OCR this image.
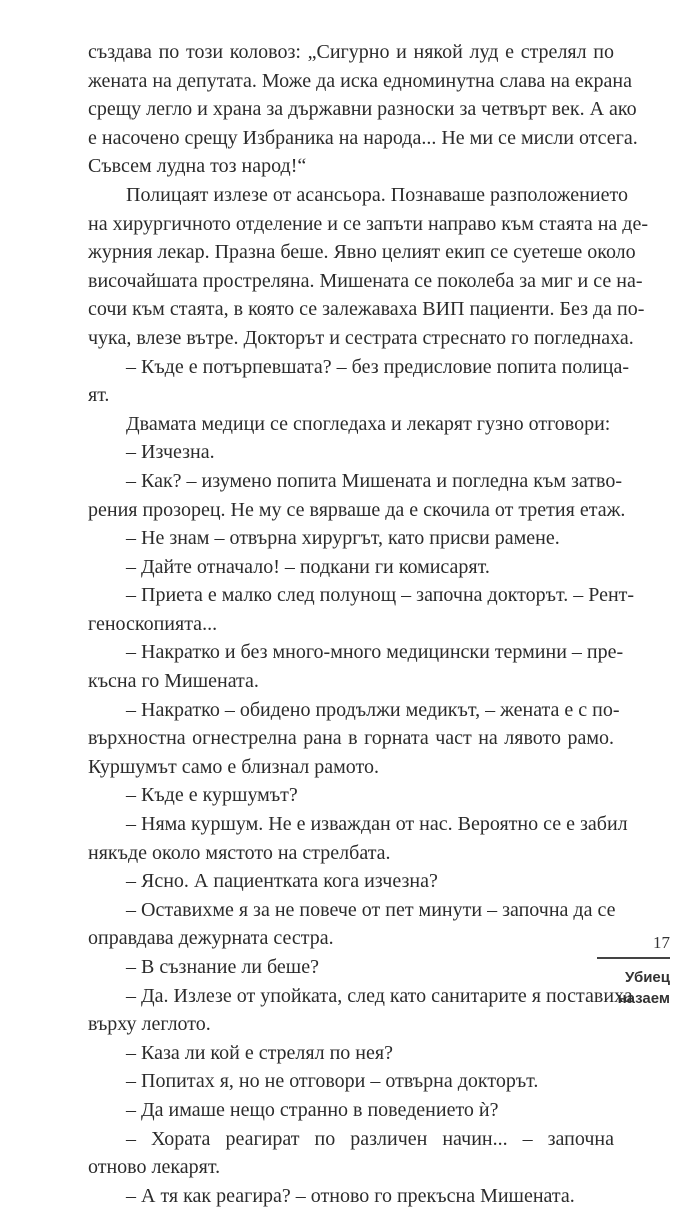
създава по този коловоз: „Сигурно и някой луд е стрелял по
жената на депутата. Може да иска едноминутна слава на екрана
срещу легло и храна за държавни разноски за четвърт век. А ако
е насочено срещу Избраника на народа... Не ми се мисли отсега.
Съвсем лудна тоз народ!“
Полицаят излезе от асансьора. Познаваше разположението
на хирургичното отделение и се запъти направо към стаята на де-
журния лекар. Празна беше. Явно целият екип се суетеше около
височайшата простреляна. Мишената се поколеба за миг и се на-
сочи към стаята, в която се залежаваха ВИП пациенти. Без да по-
чука, влезе вътре. Докторът и сестрата стреснато го погледнаха.
– Къде е потърпевшата? – без предисловие попита полица-
ят.
Двамата медици се спогледаха и лекарят гузно отговори:
– Изчезна.
– Как? – изумено попита Мишената и погледна към затво-
рения прозорец. Не му се вярваше да е скочила от третия етаж.
– Не знам – отвърна хирургът, като присви рамене.
– Дайте отначало! – подкани ги комисарят.
– Приета е малко след полунощ – започна докторът. – Рент-
геноскопията...
– Накратко и без много-много медицински термини – пре-
късна го Мишената.
– Накратко – обидено продължи медикът, – жената е с по-
върхностна огнестрелна рана в горната част на лявото рамо.
Куршумът само е близнал рамото.
– Къде е куршумът?
– Няма куршум. Не е изваждан от нас. Вероятно се е забил
някъде около мястото на стрелбата.
– Ясно. А пациентката кога изчезна?
– Оставихме я за не повече от пет минути – започна да се
оправдава дежурната сестра.
– В съзнание ли беше?
– Да. Излезе от упойката, след като санитарите я поставиха
върху леглото.
– Каза ли кой е стрелял по нея?
– Попитах я, но не отговори – отвърна докторът.
– Да имаше нещо странно в поведението ѝ?
– Хората реагират по различен начин... – започна
отново лекарят.
– А тя как реагира? – отново го прекъсна Мишената.
17
Убиец
назаем
